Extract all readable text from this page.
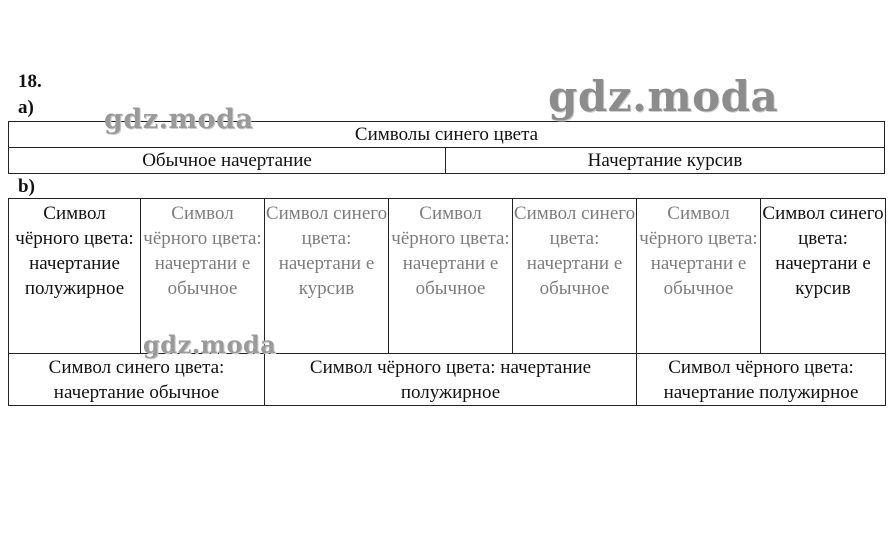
18.
а)
b)
Символы синего цвета
Обычное начертание	Начертание курсив
Символ чёрного цвета: начертание полужирное	Символ чёрного цвета: начертани е обычное	Символ синего цвета: начертани е курсив	Символ чёрного цвета: начертани е обычное	Символ синего цвета: начертани е обычное	Символ чёрного цвета: начертани е обычное	Символ синего цвета: начертани е курсив

Символ синего цвета: начертание обычное		Символ чёрного цвета: начертание полужирное			Символ чёрного цвета: начертание полужирное	
gdz.moda
gdz.moda
gdz.moda
